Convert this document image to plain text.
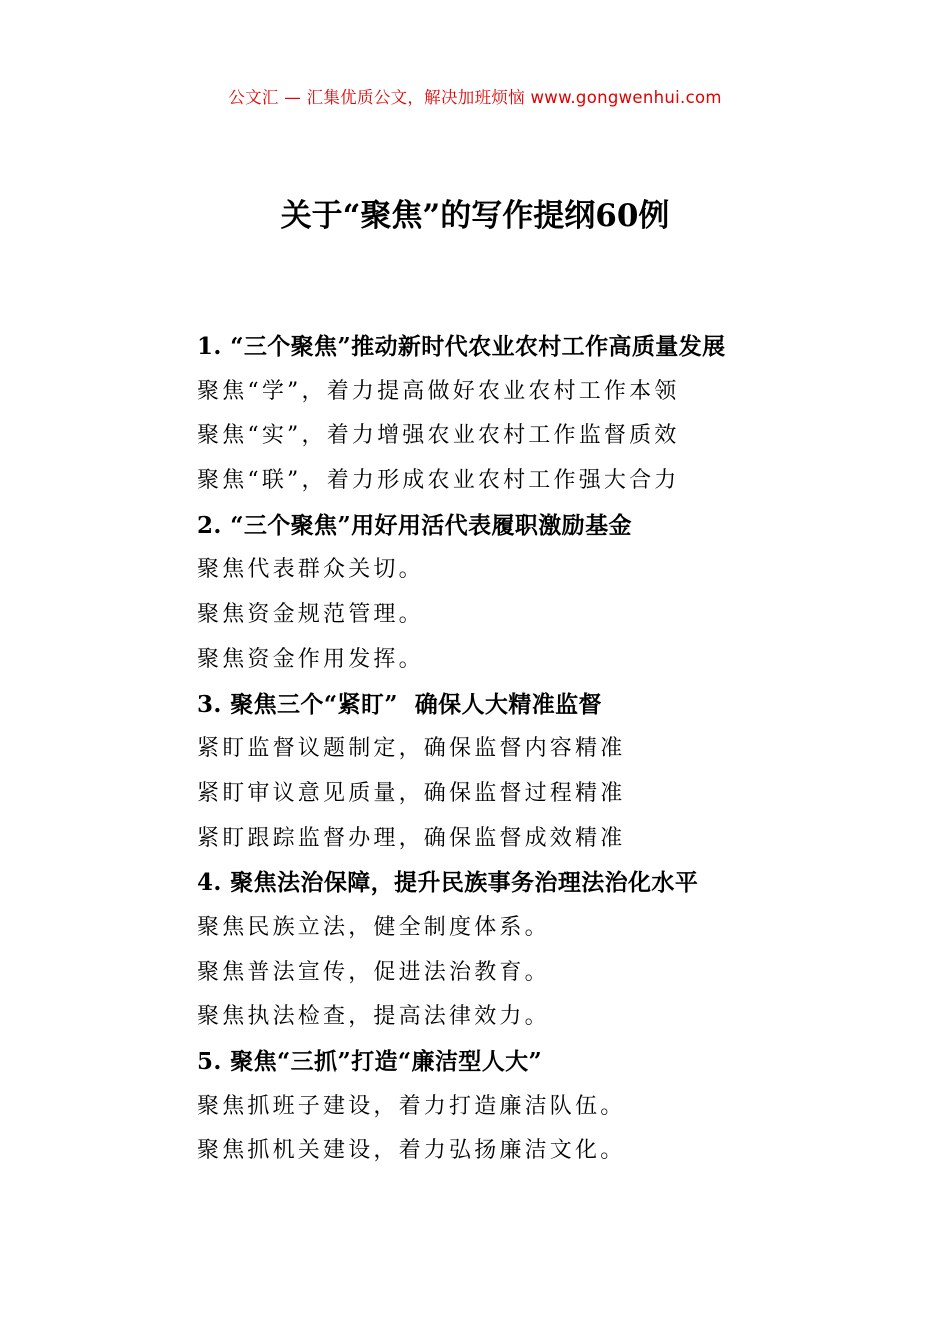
公文汇 — 汇集优质公文，解决加班烦恼 www.gongwenhui.com
关于“聚焦”的写作提纲60例
1. “三个聚焦”推动新时代农业农村工作高质量发展
聚焦“学”，着力提高做好农业农村工作本领
聚焦“实”，着力增强农业农村工作监督质效
聚焦“联”，着力形成农业农村工作强大合力
2. “三个聚焦”用好用活代表履职激励基金
聚焦代表群众关切。
聚焦资金规范管理。
聚焦资金作用发挥。
3. 聚焦三个“紧盯”  确保人大精准监督
紧盯监督议题制定，确保监督内容精准
紧盯审议意见质量，确保监督过程精准
紧盯跟踪监督办理，确保监督成效精准
4. 聚焦法治保障，提升民族事务治理法治化水平
聚焦民族立法，健全制度体系。
聚焦普法宣传，促进法治教育。
聚焦执法检查，提高法律效力。
5. 聚焦“三抓”打造“廉洁型人大”
聚焦抓班子建设，着力打造廉洁队伍。
聚焦抓机关建设，着力弘扬廉洁文化。
